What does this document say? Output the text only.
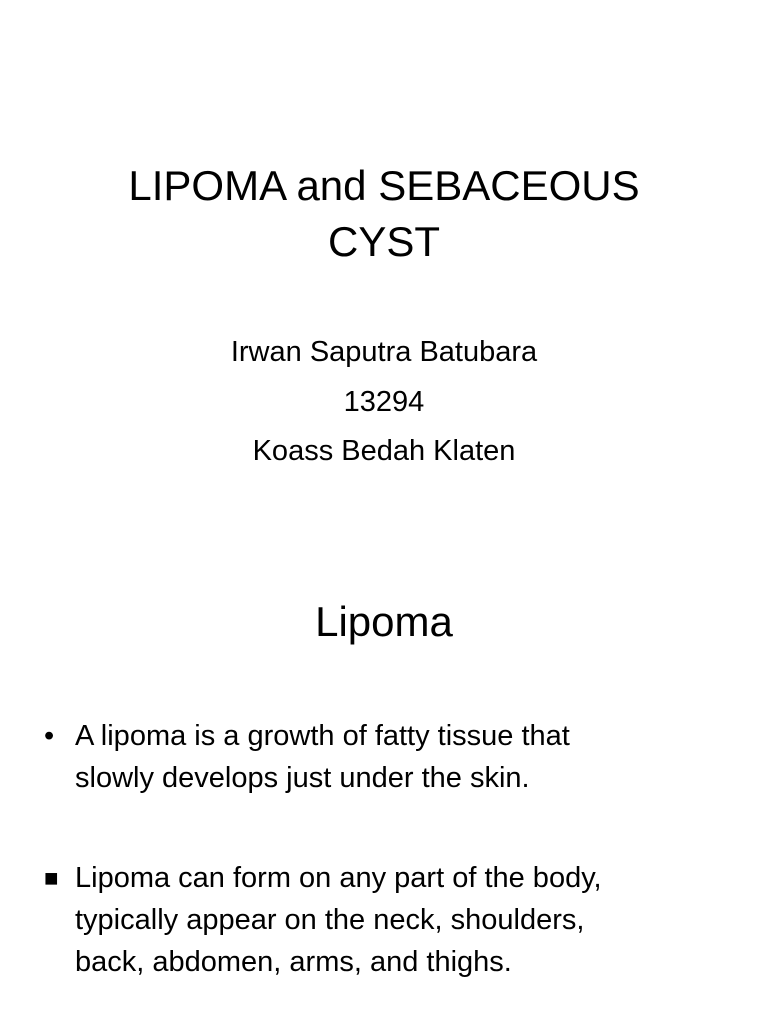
LIPOMA and SEBACEOUS
CYST
Irwan Saputra Batubara
13294
Koass Bedah Klaten
Lipoma
• A lipoma is a growth of fatty tissue that
slowly develops just under the skin.
■ Lipoma can form on any part of the body,
typically appear on the neck, shoulders,
back, abdomen, arms, and thighs.
